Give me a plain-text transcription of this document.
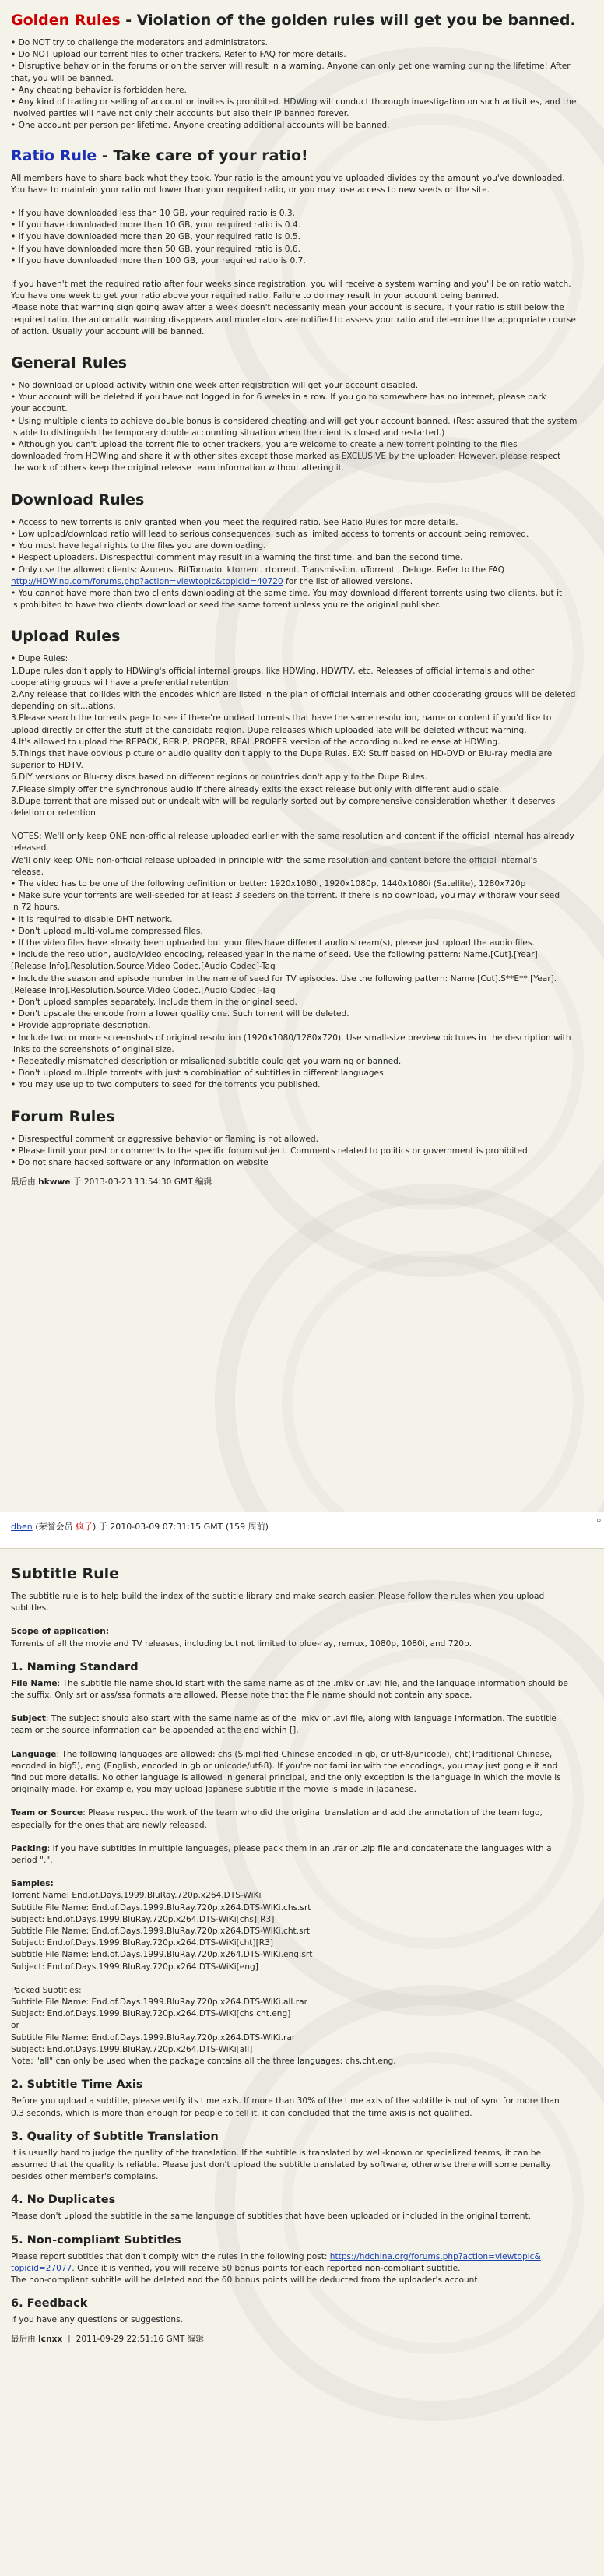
Golden Rules - Violation of the golden rules will get you be banned.

• Do NOT try to challenge the moderators and administrators.

• Do NOT upload our torrent files to other trackers. Refer to FAQ for more details.

• Disruptive behavior in the forums or on the server will result in a warning. Anyone can only get one warning during the lifetime! After

that, you will be banned.

• Any cheating behavior is forbidden here.

• Any kind of trading or selling of account or invites is prohibited. HDWing will conduct thorough investigation on such activities, and the

involved parties will have not only their accounts but also their IP banned forever.

• One account per person per lifetime. Anyone creating additional accounts will be banned.

Ratio Rule - Take care of your ratio!

All members have to share back what they took. Your ratio is the amount you've uploaded divides by the amount you've downloaded.

You have to maintain your ratio not lower than your required ratio, or you may lose access to new seeds or the site.

• If you have downloaded less than 10 GB, your required ratio is 0.3.

• If you have downloaded more than 10 GB, your required ratio is 0.4.

• If you have downloaded more than 20 GB, your required ratio is 0.5.

• If you have downloaded more than 50 GB, your required ratio is 0.6.

• If you have downloaded more than 100 GB, your required ratio is 0.7.

If you haven't met the required ratio after four weeks since registration, you will receive a system warning and you'll be on ratio watch.

You have one week to get your ratio above your required ratio. Failure to do may result in your account being banned.

Please note that warning sign going away after a week doesn't necessarily mean your account is secure. If your ratio is still below the

required ratio, the automatic warning disappears and moderators are notified to assess your ratio and determine the appropriate course

of action. Usually your account will be banned.

General Rules

• No download or upload activity within one week after registration will get your account disabled.

• Your account will be deleted if you have not logged in for 6 weeks in a row. If you go to somewhere has no internet, please park

your account.

• Using multiple clients to achieve double bonus is considered cheating and will get your account banned. (Rest assured that the system

is able to distinguish the temporary double accounting situation when the client is closed and restarted.)

• Although you can't upload the torrent file to other trackers, you are welcome to create a new torrent pointing to the files

downloaded from HDWing and share it with other sites except those marked as EXCLUSIVE by the uploader. However, please respect

the work of others keep the original release team information without altering it.

Download Rules

• Access to new torrents is only granted when you meet the required ratio. See Ratio Rules for more details.

• Low upload/download ratio will lead to serious consequences, such as limited access to torrents or account being removed.

• You must have legal rights to the files you are downloading.

• Respect uploaders. Disrespectful comment may result in a warning the first time, and ban the second time.

• Only use the allowed clients: Azureus. BitTornado. ktorrent. rtorrent. Transmission. uTorrent . Deluge. Refer to the FAQ

http://HDWing.com/forums.php?action=viewtopic&topicid=40720 for the list of allowed versions.

• You cannot have more than two clients downloading at the same time. You may download different torrents using two clients, but it

is prohibited to have two clients download or seed the same torrent unless you're the original publisher.

Upload Rules

• Dupe Rules:

1.Dupe rules don't apply to HDWing's official internal groups, like HDWing, HDWTV, etc. Releases of official internals and other

cooperating groups will have a preferential retention.

2.Any release that collides with the encodes which are listed in the plan of official internals and other cooperating groups will be deleted

depending on sit...ations.

3.Please search the torrents page to see if there're undead torrents that have the same resolution, name or content if you'd like to

upload directly or offer the stuff at the candidate region. Dupe releases which uploaded late will be deleted without warning.

4.It's allowed to upload the REPACK, RERIP, PROPER, REAL.PROPER version of the according nuked release at HDWing.

5.Things that have obvious picture or audio quality don't apply to the Dupe Rules. EX: Stuff based on HD-DVD or Blu-ray media are

superior to HDTV.

6.DIY versions or Blu-ray discs based on different regions or countries don't apply to the Dupe Rules.

7.Please simply offer the synchronous audio if there already exits the exact release but only with different audio scale.

8.Dupe torrent that are missed out or undealt with will be regularly sorted out by comprehensive consideration whether it deserves

deletion or retention.

NOTES: We'll only keep ONE non-official release uploaded earlier with the same resolution and content if the official internal has already

released.

We'll only keep ONE non-official release uploaded in principle with the same resolution and content before the official internal's

release.

• The video has to be one of the following definition or better: 1920x1080i, 1920x1080p, 1440x1080i (Satellite), 1280x720p

• Make sure your torrents are well-seeded for at least 3 seeders on the torrent. If there is no download, you may withdraw your seed

in 72 hours.

• It is required to disable DHT network.

• Don't upload multi-volume compressed files.

• If the video files have already been uploaded but your files have different audio stream(s), please just upload the audio files.

• Include the resolution, audio/video encoding, released year in the name of seed. Use the following pattern: Name.[Cut].[Year].

[Release Info].Resolution.Source.Video Codec.[Audio Codec]-Tag

• Include the season and episode number in the name of seed for TV episodes. Use the following pattern: Name.[Cut].S**E**.[Year].

[Release Info].Resolution.Source.Video Codec.[Audio Codec]-Tag

• Don't upload samples separately. Include them in the original seed.

• Don't upscale the encode from a lower quality one. Such torrent will be deleted.

• Provide appropriate description.

• Include two or more screenshots of original resolution (1920x1080/1280x720). Use small-size preview pictures in the description with

links to the screenshots of original size.

• Repeatedly mismatched description or misaligned subtitle could get you warning or banned.

• Don't upload multiple torrents with just a combination of subtitles in different languages.

• You may use up to two computers to seed for the torrents you published.

Forum Rules

• Disrespectful comment or aggressive behavior or flaming is not allowed.

• Please limit your post or comments to the specific forum subject. Comments related to politics or government is prohibited.

• Do not share hacked software or any information on website

最后由 hkwwe 于 2013-03-23 13:54:30 GMT 编辑
dben (荣誉会员 疯子) 于 2010-03-09 07:31:15 GMT (159 周前)	⫯
Subtitle Rule

The subtitle rule is to help build the index of the subtitle library and make search easier. Please follow the rules when you upload

subtitles.

Scope of application:

Torrents of all the movie and TV releases, including but not limited to blue-ray, remux, 1080p, 1080i, and 720p.

1. Naming Standard

File Name: The subtitle file name should start with the same name as of the .mkv or .avi file, and the language information should be

the suffix. Only srt or ass/ssa formats are allowed. Please note that the file name should not contain any space.

Subject: The subject should also start with the same name as of the .mkv or .avi file, along with language information. The subtitle

team or the source information can be appended at the end within [].

Language: The following languages are allowed: chs (Simplified Chinese encoded in gb, or utf-8/unicode), cht(Traditional Chinese,

encoded in big5), eng (English, encoded in gb or unicode/utf-8). If you're not familiar with the encodings, you may just google it and

find out more details. No other language is allowed in general principal, and the only exception is the language in which the movie is

originally made. For example, you may upload Japanese subtitle if the movie is made in Japanese.

Team or Source: Please respect the work of the team who did the original translation and add the annotation of the team logo,

especially for the ones that are newly released.

Packing: If you have subtitles in multiple languages, please pack them in an .rar or .zip file and concatenate the languages with a

period ".".

Samples:

Torrent Name: End.of.Days.1999.BluRay.720p.x264.DTS-WiKi

Subtitle File Name: End.of.Days.1999.BluRay.720p.x264.DTS-WiKi.chs.srt

Subject: End.of.Days.1999.BluRay.720p.x264.DTS-WiKi[chs][R3]

Subtitle File Name: End.of.Days.1999.BluRay.720p.x264.DTS-WiKi.cht.srt

Subject: End.of.Days.1999.BluRay.720p.x264.DTS-WiKi[cht][R3]

Subtitle File Name: End.of.Days.1999.BluRay.720p.x264.DTS-WiKi.eng.srt

Subject: End.of.Days.1999.BluRay.720p.x264.DTS-WiKi[eng]

Packed Subtitles:

Subtitle File Name: End.of.Days.1999.BluRay.720p.x264.DTS-WiKi.all.rar

Subject: End.of.Days.1999.BluRay.720p.x264.DTS-WiKi[chs.cht.eng]

or

Subtitle File Name: End.of.Days.1999.BluRay.720p.x264.DTS-WiKi.rar

Subject: End.of.Days.1999.BluRay.720p.x264.DTS-WiKi[all]

Note: "all" can only be used when the package contains all the three languages: chs,cht,eng.

2. Subtitle Time Axis

Before you upload a subtitle, please verify its time axis. If more than 30% of the time axis of the subtitle is out of sync for more than

0.3 seconds, which is more than enough for people to tell it, it can concluded that the time axis is not qualified.

3. Quality of Subtitle Translation

It is usually hard to judge the quality of the translation. If the subtitle is translated by well-known or specialized teams, it can be

assumed that the quality is reliable. Please just don't upload the subtitle translated by software, otherwise there will some penalty

besides other member's complains.

4. No Duplicates

Please don't upload the subtitle in the same language of subtitles that have been uploaded or included in the original torrent.

5. Non-compliant Subtitles

Please report subtitles that don't comply with the rules in the following post: https://hdchina.org/forums.php?action=viewtopic&

topicid=27077. Once it is verified, you will receive 50 bonus points for each reported non-compliant subtitle.

The non-compliant subtitle will be deleted and the 60 bonus points will be deducted from the uploader's account.

6. Feedback

If you have any questions or suggestions.

最后由 lcnxx 于 2011-09-29 22:51:16 GMT 编辑
